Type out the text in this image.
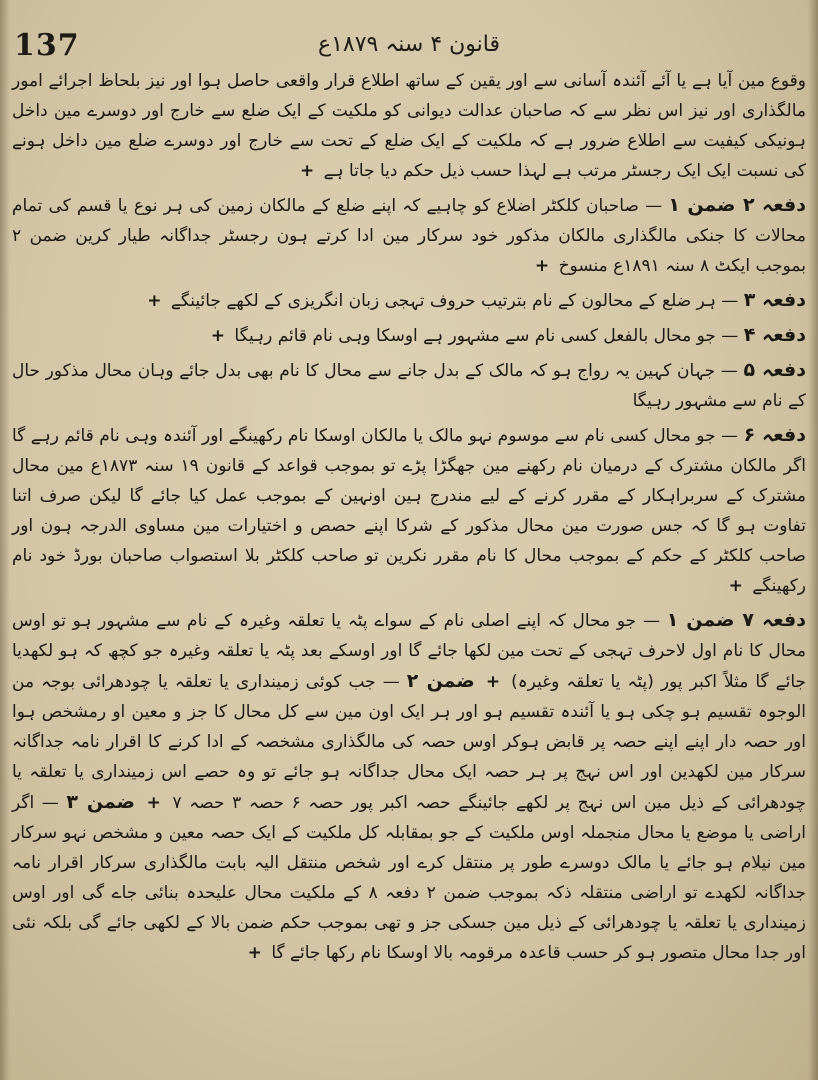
137	قانون ۴ سنہ ۱۸۷۹ع

وقوع مین آیا ہے یا آئے آئندہ آسانی سے اور یقین کے ساتھ اطلاع قرار واقعی حاصل ہوا اور نیز بلحاظ اجرائے امور مالگذاری اور نیز اس نظر سے کہ صاحبان عدالت دیوانی کو ملکیت کے ایک ضلع سے خارج اور دوسرے مین داخل ہونیکی کیفیت سے اطلاع ضرور ہے کہ ملکیت کے ایک ضلع کے تحت سے خارج اور دوسرے ضلع مین داخل ہونے کی نسبت ایک ایک رجسٹر مرتب ہے لہذا حسب ذیل حکم دیا جاتا ہے +

دفعہ ۲ ضمن ۱ — صاحبان کلکٹر اضلاع کو چاہیے کہ اپنے ضلع کے مالکان زمین کی ہر نوع یا قسم کی تمام محالات کا جنکی مالگذاری مالکان مذکور خود سرکار مین ادا کرتے ہون رجسٹر جداگانہ طیار کرین ضمن ۲ بموجب ایکٹ ۸ سنہ ۱۸۹۱ع منسوخ +

دفعہ ۳ — ہر ضلع کے محالون کے نام بترتیب حروف تہجی زبان انگریزی کے لکھے جائینگے +

دفعہ ۴ — جو محال بالفعل کسی نام سے مشہور ہے اوسکا وہی نام قائم رہیگا +

دفعہ ۵ — جہان کہین یہ رواج ہو کہ مالک کے بدل جانے سے محال کا نام بھی بدل جائے وہان محال مذکور حال کے نام سے مشہور رہیگا

دفعہ ۶ — جو محال کسی نام سے موسوم نہو مالک یا مالکان اوسکا نام رکھینگے اور آئندہ وہی نام قائم رہے گا اگر مالکان مشترک کے درمیان نام رکھنے مین جھگڑا پڑے تو بموجب قواعد کے قانون ۱۹ سنہ ۱۸۷۳ع مین محال مشترک کے سربراہکار کے مقرر کرنے کے لیے مندرج ہین اونہین کے بموجب عمل کیا جائے گا لیکن صرف اتنا تفاوت ہو گا کہ جس صورت مین محال مذکور کے شرکا اپنے حصص و اختیارات مین مساوی الدرجہ ہون اور صاحب کلکٹر کے حکم کے بموجب محال کا نام مقرر نکرین تو صاحب کلکٹر بلا استصواب صاحبان بورڈ خود نام رکھینگے +

دفعہ ۷ ضمن ۱ — جو محال کہ اپنے اصلی نام کے سواے پٹہ یا تعلقہ وغیرہ کے نام سے مشہور ہو تو اوس محال کا نام اول لاحرف تہجی کے تحت مین لکھا جائے گا اور اوسکے بعد پٹہ یا تعلقہ وغیرہ جو کچھ کہ ہو لکھدیا جائے گا مثلاً اکبر پور (پٹہ یا تعلقہ وغیرہ) + ضمن ۲ — جب کوئی زمینداری یا تعلقہ یا چودھرائی بوجہ من الوجوہ تقسیم ہو چکی ہو یا آئندہ تقسیم ہو اور ہر ایک اون مین سے کل محال کا جز و معین او رمشخص ہوا اور حصہ دار اپنے اپنے حصہ پر قابض ہوکر اوس حصہ کی مالگذاری مشخصہ کے ادا کرنے کا اقرار نامہ جداگانہ سرکار مین لکھدین اور اس نہج پر ہر حصہ ایک محال جداگانہ ہو جائے تو وہ حصے اس زمینداری یا تعلقہ یا چودھرائی کے ذیل مین اس نہج پر لکھے جائینگے حصہ اکبر پور حصہ ۶ حصہ ۳ حصہ ۷ + ضمن ۳ — اگر اراضی یا موضع یا محال منجملہ اوس ملکیت کے جو بمقابلہ کل ملکیت کے ایک حصہ معین و مشخص نہو سرکار مین نیلام ہو جائے یا مالک دوسرے طور پر منتقل کرے اور شخص منتقل الیہ بابت مالگذاری سرکار اقرار نامہ جداگانہ لکھدے تو اراضی منتقلہ ذکہ بموجب ضمن ۲ دفعہ ۸ کے ملکیت محال علیحدہ بنائی جاے گی اور اوس زمینداری یا تعلقہ یا چودھرائی کے ذیل مین جسکی جز و تھی بموجب حکم ضمن بالا کے لکھی جائے گی بلکہ نئی اور جدا محال متصور ہو کر حسب قاعدہ مرقومہ بالا اوسکا نام رکھا جائے گا +
